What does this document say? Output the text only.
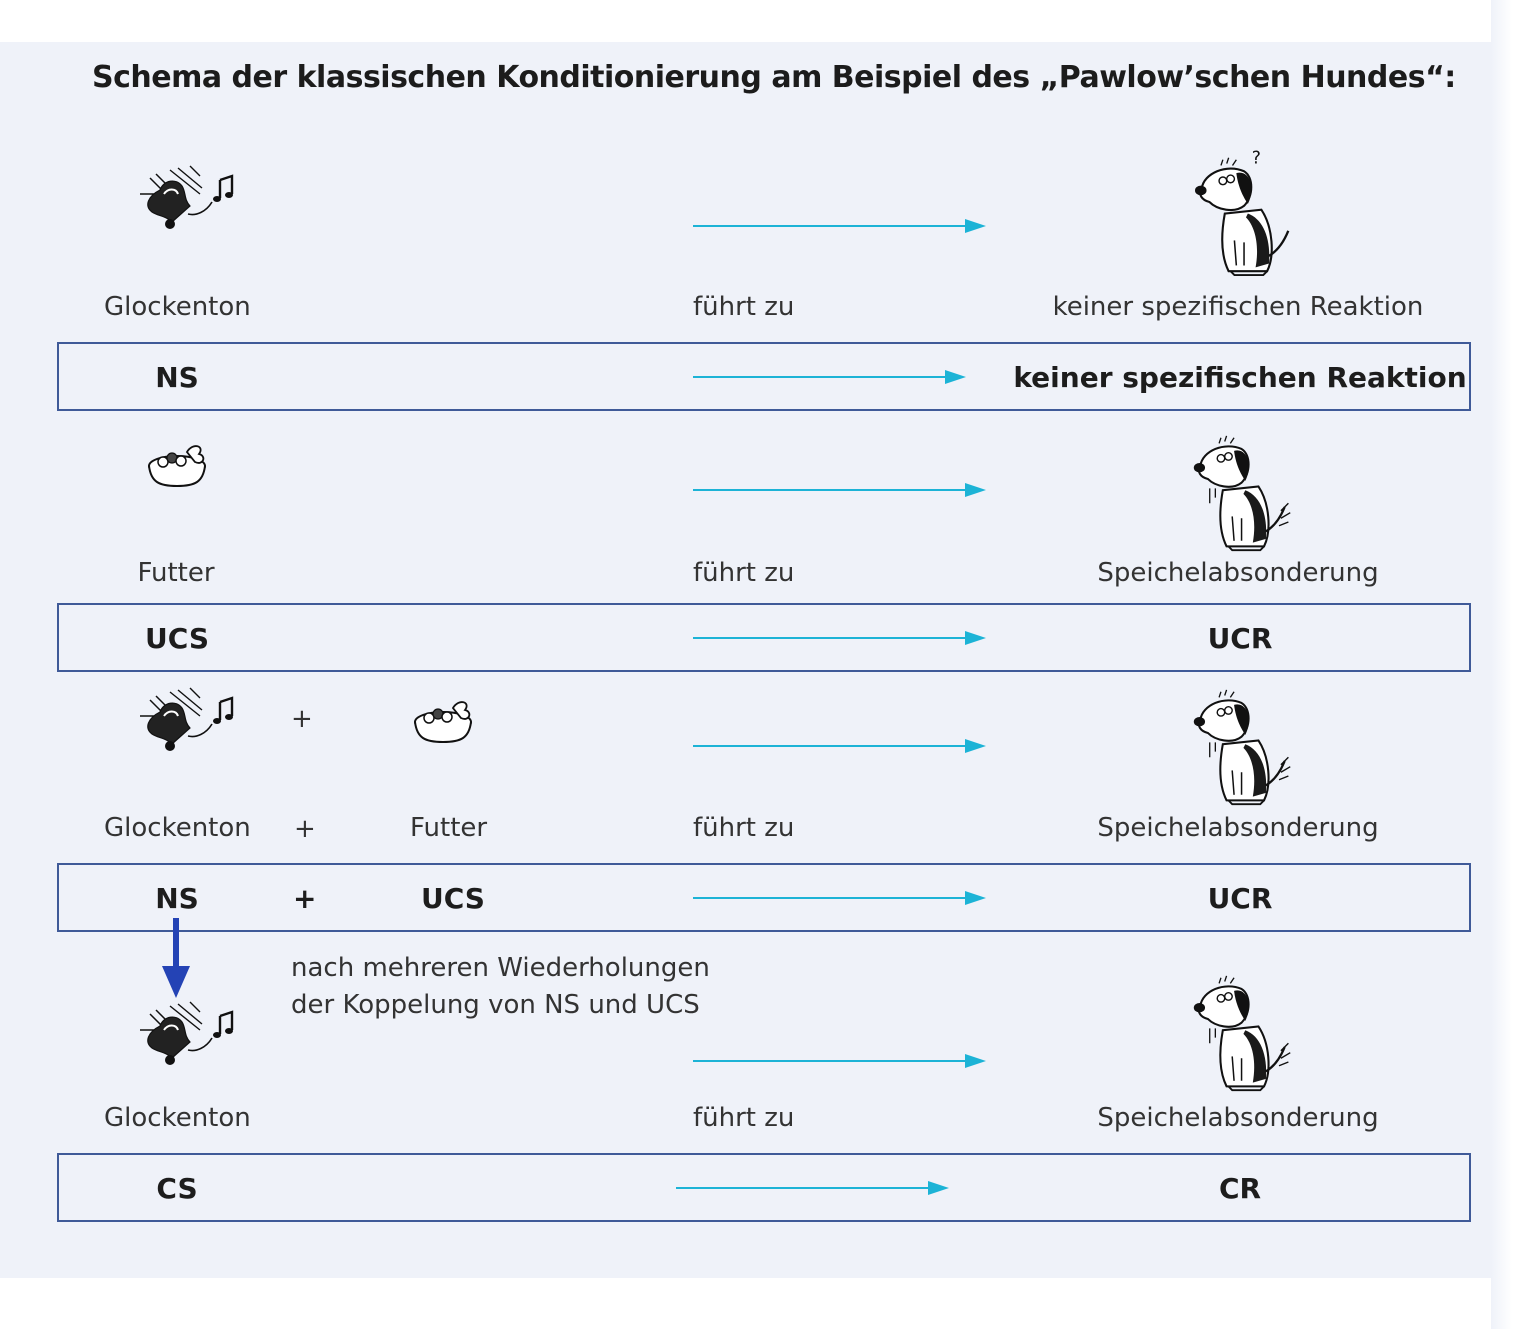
Schema der klassischen Konditionierung am Beispiel des „Pawlow’schen Hundes“:
?
Glockenton	führt zu	keiner spezifischen Reaktion
NS	keiner spezifischen Reaktion
Futter	führt zu	Speichelabsonderung
UCS	UCR
+
Glockenton +	Futter	führt zu	Speichelabsonderung
NS	+	UCS	UCR
nach mehreren Wiederholungen
der Koppelung von NS und UCS
Glockenton	führt zu	Speichelabsonderung
CS	CR
